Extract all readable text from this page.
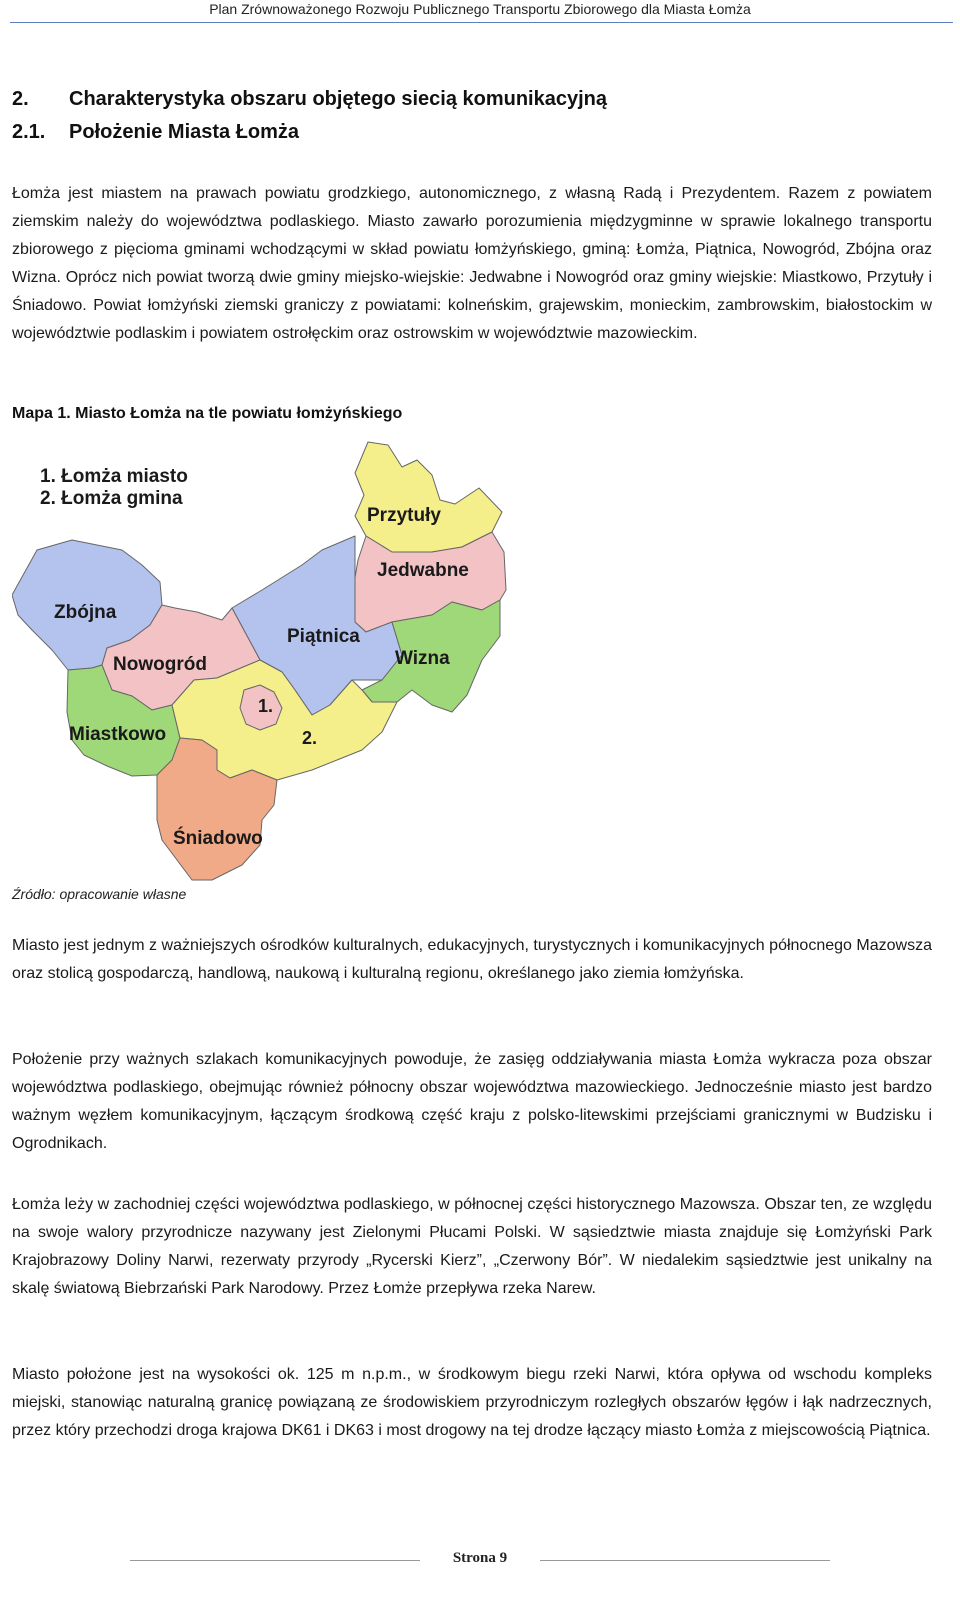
Plan Zrównoważonego Rozwoju Publicznego Transportu Zbiorowego dla Miasta Łomża
2. Charakterystyka obszaru objętego siecią komunikacyjną
2.1. Położenie Miasta Łomża

Łomża jest miastem na prawach powiatu grodzkiego, autonomicznego, z własną Radą i Prezydentem. Razem z powiatem ziemskim należy do województwa podlaskiego. Miasto zawarło porozumienia międzygminne w sprawie lokalnego transportu zbiorowego z pięcioma gminami wchodzącymi w skład powiatu łomżyńskiego, gminą: Łomża, Piątnica, Nowogród, Zbójna oraz Wizna. Oprócz nich powiat tworzą dwie gminy miejsko-wiejskie: Jedwabne i Nowogród oraz gminy wiejskie: Miastkowo, Przytuły i Śniadowo. Powiat łomżyński ziemski graniczy z powiatami: kolneńskim, grajewskim, monieckim, zambrowskim, białostockim w województwie podlaskim i powiatem ostrołęckim oraz ostrowskim w województwie mazowieckim.

Mapa 1. Miasto Łomża na tle powiatu łomżyńskiego
1. Łomża miasto
2. Łomża gmina
Przytuły
Jedwabne
Zbójna
Piątnica
Nowogród	Wizna
Miastkowo
1.
2.
Śniadowo
Źródło: opracowanie własne

Miasto jest jednym z ważniejszych ośrodków kulturalnych, edukacyjnych, turystycznych i komunikacyjnych północnego Mazowsza oraz stolicą gospodarczą, handlową, naukową i kulturalną regionu, określanego jako ziemia łomżyńska.

Położenie przy ważnych szlakach komunikacyjnych powoduje, że zasięg oddziaływania miasta Łomża wykracza poza obszar województwa podlaskiego, obejmując również północny obszar województwa mazowieckiego. Jednocześnie miasto jest bardzo ważnym węzłem komunikacyjnym, łączącym środkową część kraju z polsko-litewskimi przejściami granicznymi w Budzisku i Ogrodnikach.

Łomża leży w zachodniej części województwa podlaskiego, w północnej części historycznego Mazowsza. Obszar ten, ze względu na swoje walory przyrodnicze nazywany jest Zielonymi Płucami Polski. W sąsiedztwie miasta znajduje się Łomżyński Park Krajobrazowy Doliny Narwi, rezerwaty przyrody „Rycerski Kierz”, „Czerwony Bór”. W niedalekim sąsiedztwie jest unikalny na skalę światową Biebrzański Park Narodowy. Przez Łomże przepływa rzeka Narew.

Miasto położone jest na wysokości ok. 125 m n.p.m., w środkowym biegu rzeki Narwi, która opływa od wschodu kompleks miejski, stanowiąc naturalną granicę powiązaną ze środowiskiem przyrodniczym rozległych obszarów łęgów i łąk nadrzecznych, przez który przechodzi droga krajowa DK61 i DK63 i most drogowy na tej drodze łączący miasto Łomża z miejscowością Piątnica.

Strona 9
